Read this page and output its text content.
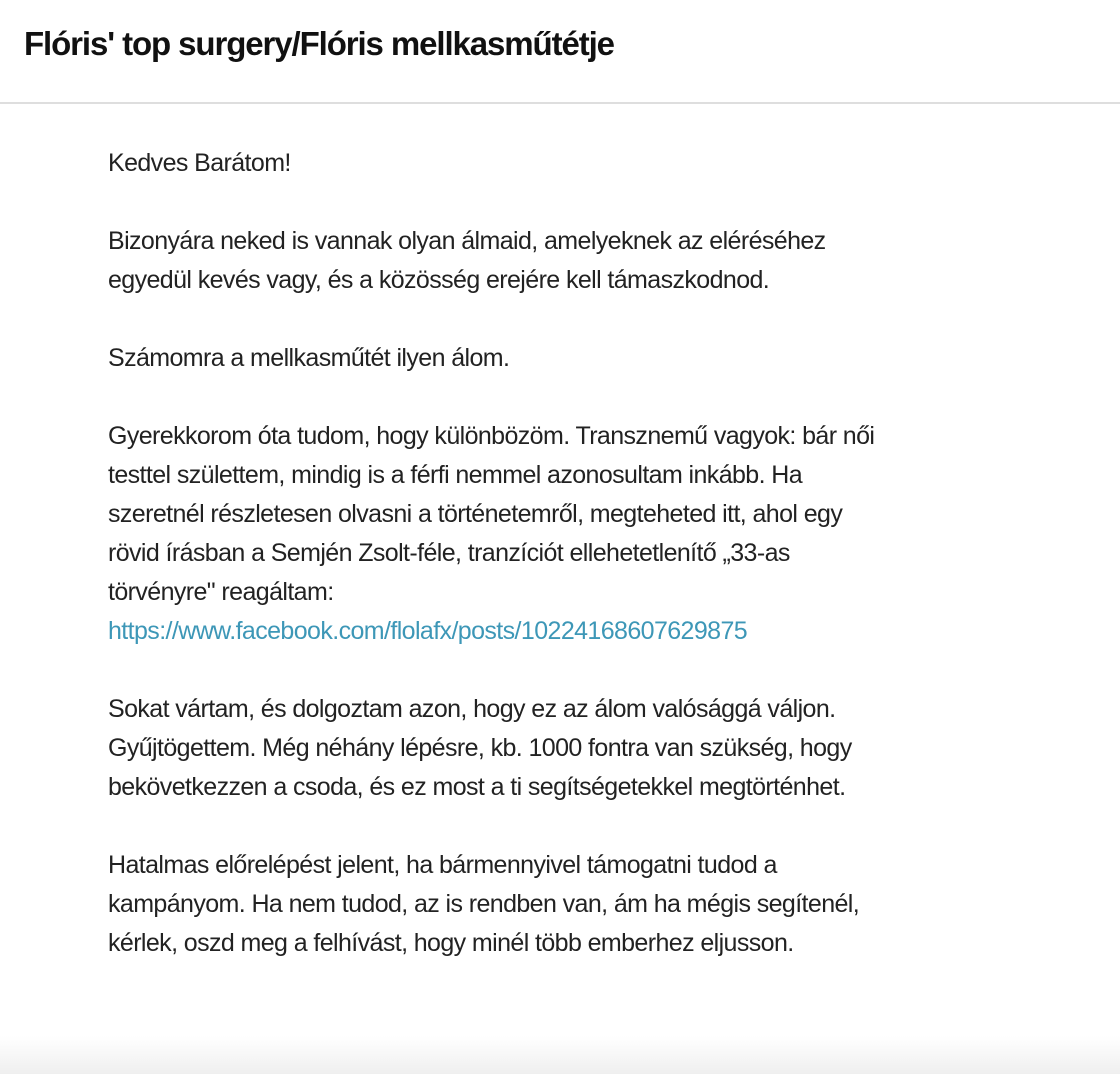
Flóris' top surgery/Flóris mellkasműtétje

Kedves Barátom!

Bizonyára neked is vannak olyan álmaid, amelyeknek az eléréséhez
egyedül kevés vagy, és a közösség erejére kell támaszkodnod.

Számomra a mellkasműtét ilyen álom.

Gyerekkorom óta tudom, hogy különbözöm. Transznemű vagyok: bár női
testtel születtem, mindig is a férfi nemmel azonosultam inkább. Ha
szeretnél részletesen olvasni a történetemről, megteheted itt, ahol egy
rövid írásban a Semjén Zsolt-féle, tranzíciót ellehetetlenítő „33-as
törvényre" reagáltam:
https://www.facebook.com/flolafx/posts/10224168607629875

Sokat vártam, és dolgoztam azon, hogy ez az álom valósággá váljon.
Gyűjtögettem. Még néhány lépésre, kb. 1000 fontra van szükség, hogy
bekövetkezzen a csoda, és ez most a ti segítségetekkel megtörténhet.

Hatalmas előrelépést jelent, ha bármennyivel támogatni tudod a
kampányom. Ha nem tudod, az is rendben van, ám ha mégis segítenél,
kérlek, oszd meg a felhívást, hogy minél több emberhez eljusson.
